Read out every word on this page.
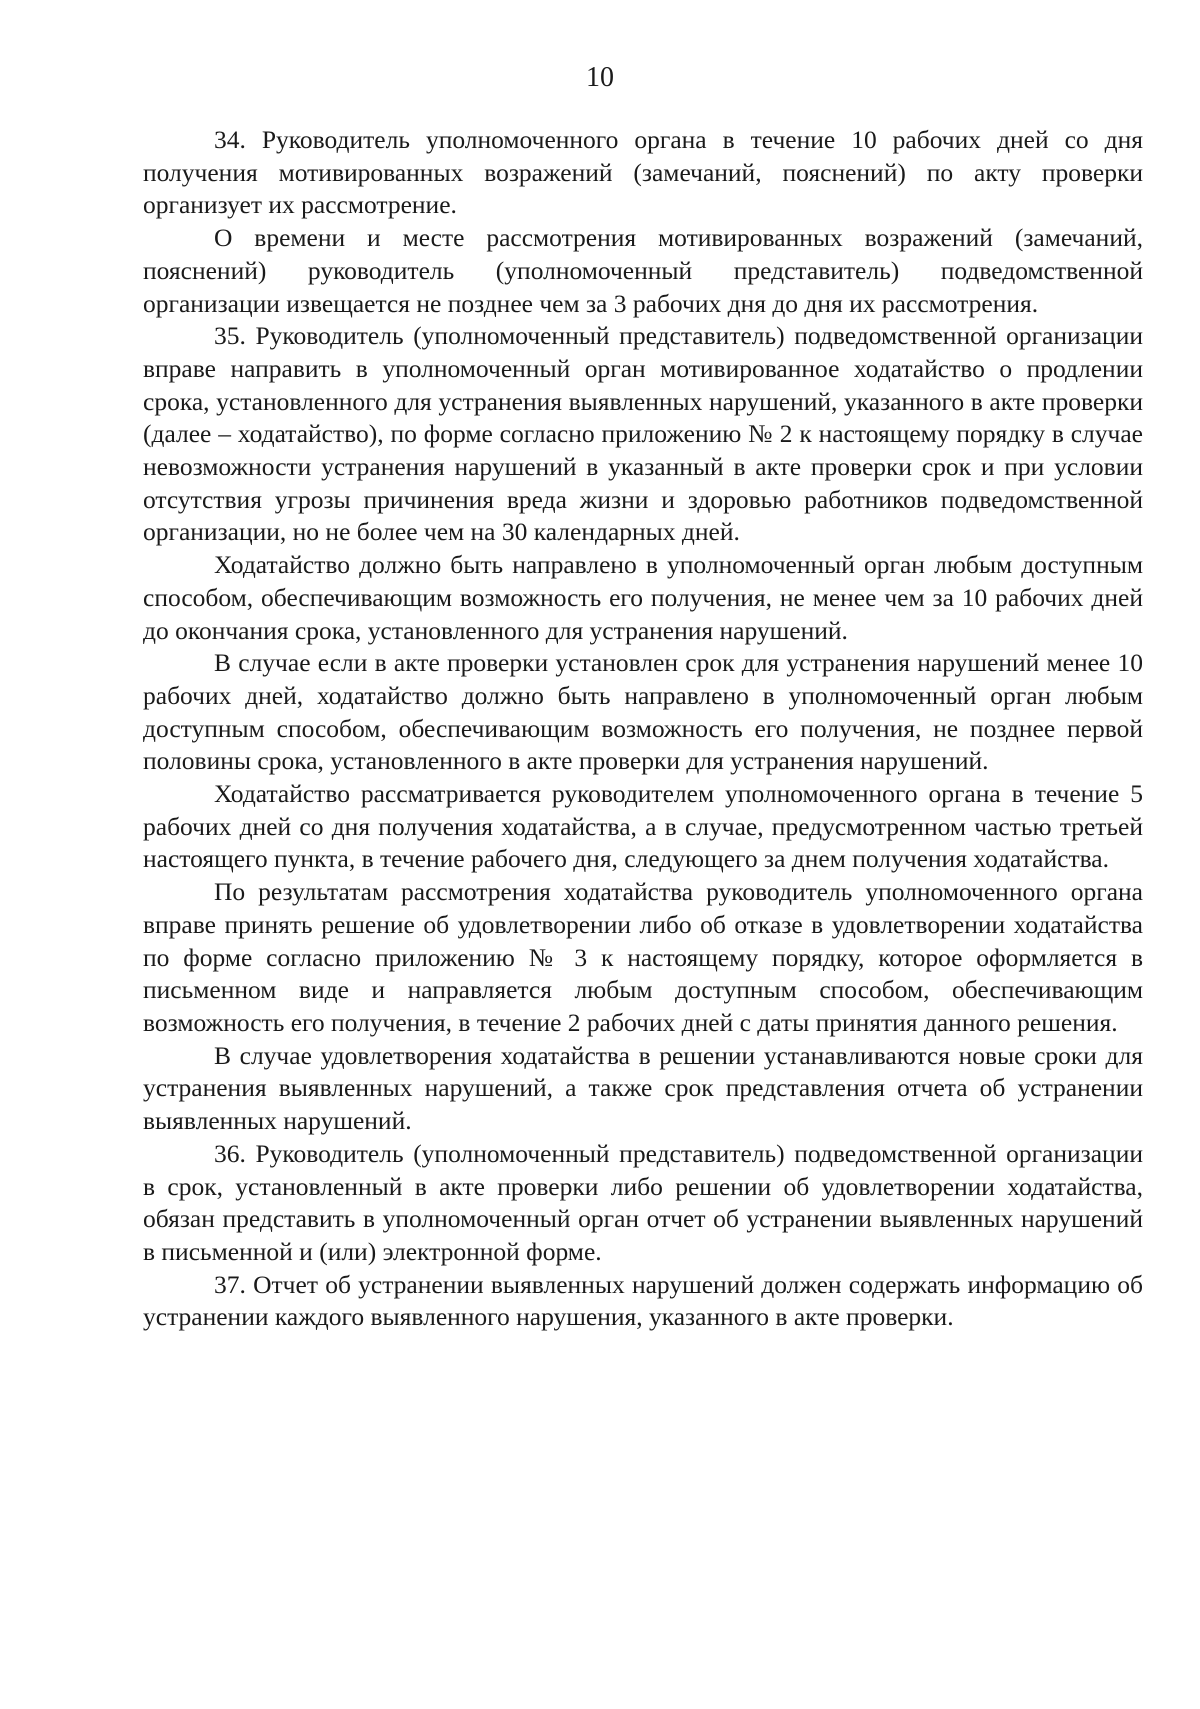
10

34. Руководитель уполномоченного органа в течение 10 рабочих дней со дня получения мотивированных возражений (замечаний, пояснений) по акту проверки организует их рассмотрение.

О времени и месте рассмотрения мотивированных возражений (замечаний, пояснений) руководитель (уполномоченный представитель) подведомственной организации извещается не позднее чем за 3 рабочих дня до дня их рассмотрения.

35. Руководитель (уполномоченный представитель) подведомственной организации вправе направить в уполномоченный орган мотивированное ходатайство о продлении срока, установленного для устранения выявленных нарушений, указанного в акте проверки (далее – ходатайство), по форме согласно приложению № 2 к настоящему порядку в случае невозможности устранения нарушений в указанный в акте проверки срок и при условии отсутствия угрозы причинения вреда жизни и здоровью работников подведомственной организации, но не более чем на 30 календарных дней.

Ходатайство должно быть направлено в уполномоченный орган любым доступным способом, обеспечивающим возможность его получения, не менее чем за 10 рабочих дней до окончания срока, установленного для устранения нарушений.

В случае если в акте проверки установлен срок для устранения нарушений менее 10 рабочих дней, ходатайство должно быть направлено в уполномоченный орган любым доступным способом, обеспечивающим возможность его получения, не позднее первой половины срока, установленного в акте проверки для устранения нарушений.

Ходатайство рассматривается руководителем уполномоченного органа в течение 5 рабочих дней со дня получения ходатайства, а в случае, предусмотренном частью третьей настоящего пункта, в течение рабочего дня, следующего за днем получения ходатайства.

По результатам рассмотрения ходатайства руководитель уполномоченного органа вправе принять решение об удовлетворении либо об отказе в удовлетворении ходатайства по форме согласно приложению № 3 к настоящему порядку, которое оформляется в письменном виде и направляется любым доступным способом, обеспечивающим возможность его получения, в течение 2 рабочих дней с даты принятия данного решения.

В случае удовлетворения ходатайства в решении устанавливаются новые сроки для устранения выявленных нарушений, а также срок представления отчета об устранении выявленных нарушений.

36. Руководитель (уполномоченный представитель) подведомственной организации в срок, установленный в акте проверки либо решении об удовлетворении ходатайства, обязан представить в уполномоченный орган отчет об устранении выявленных нарушений в письменной и (или) электронной форме.

37. Отчет об устранении выявленных нарушений должен содержать информацию об устранении каждого выявленного нарушения, указанного в акте проверки.
